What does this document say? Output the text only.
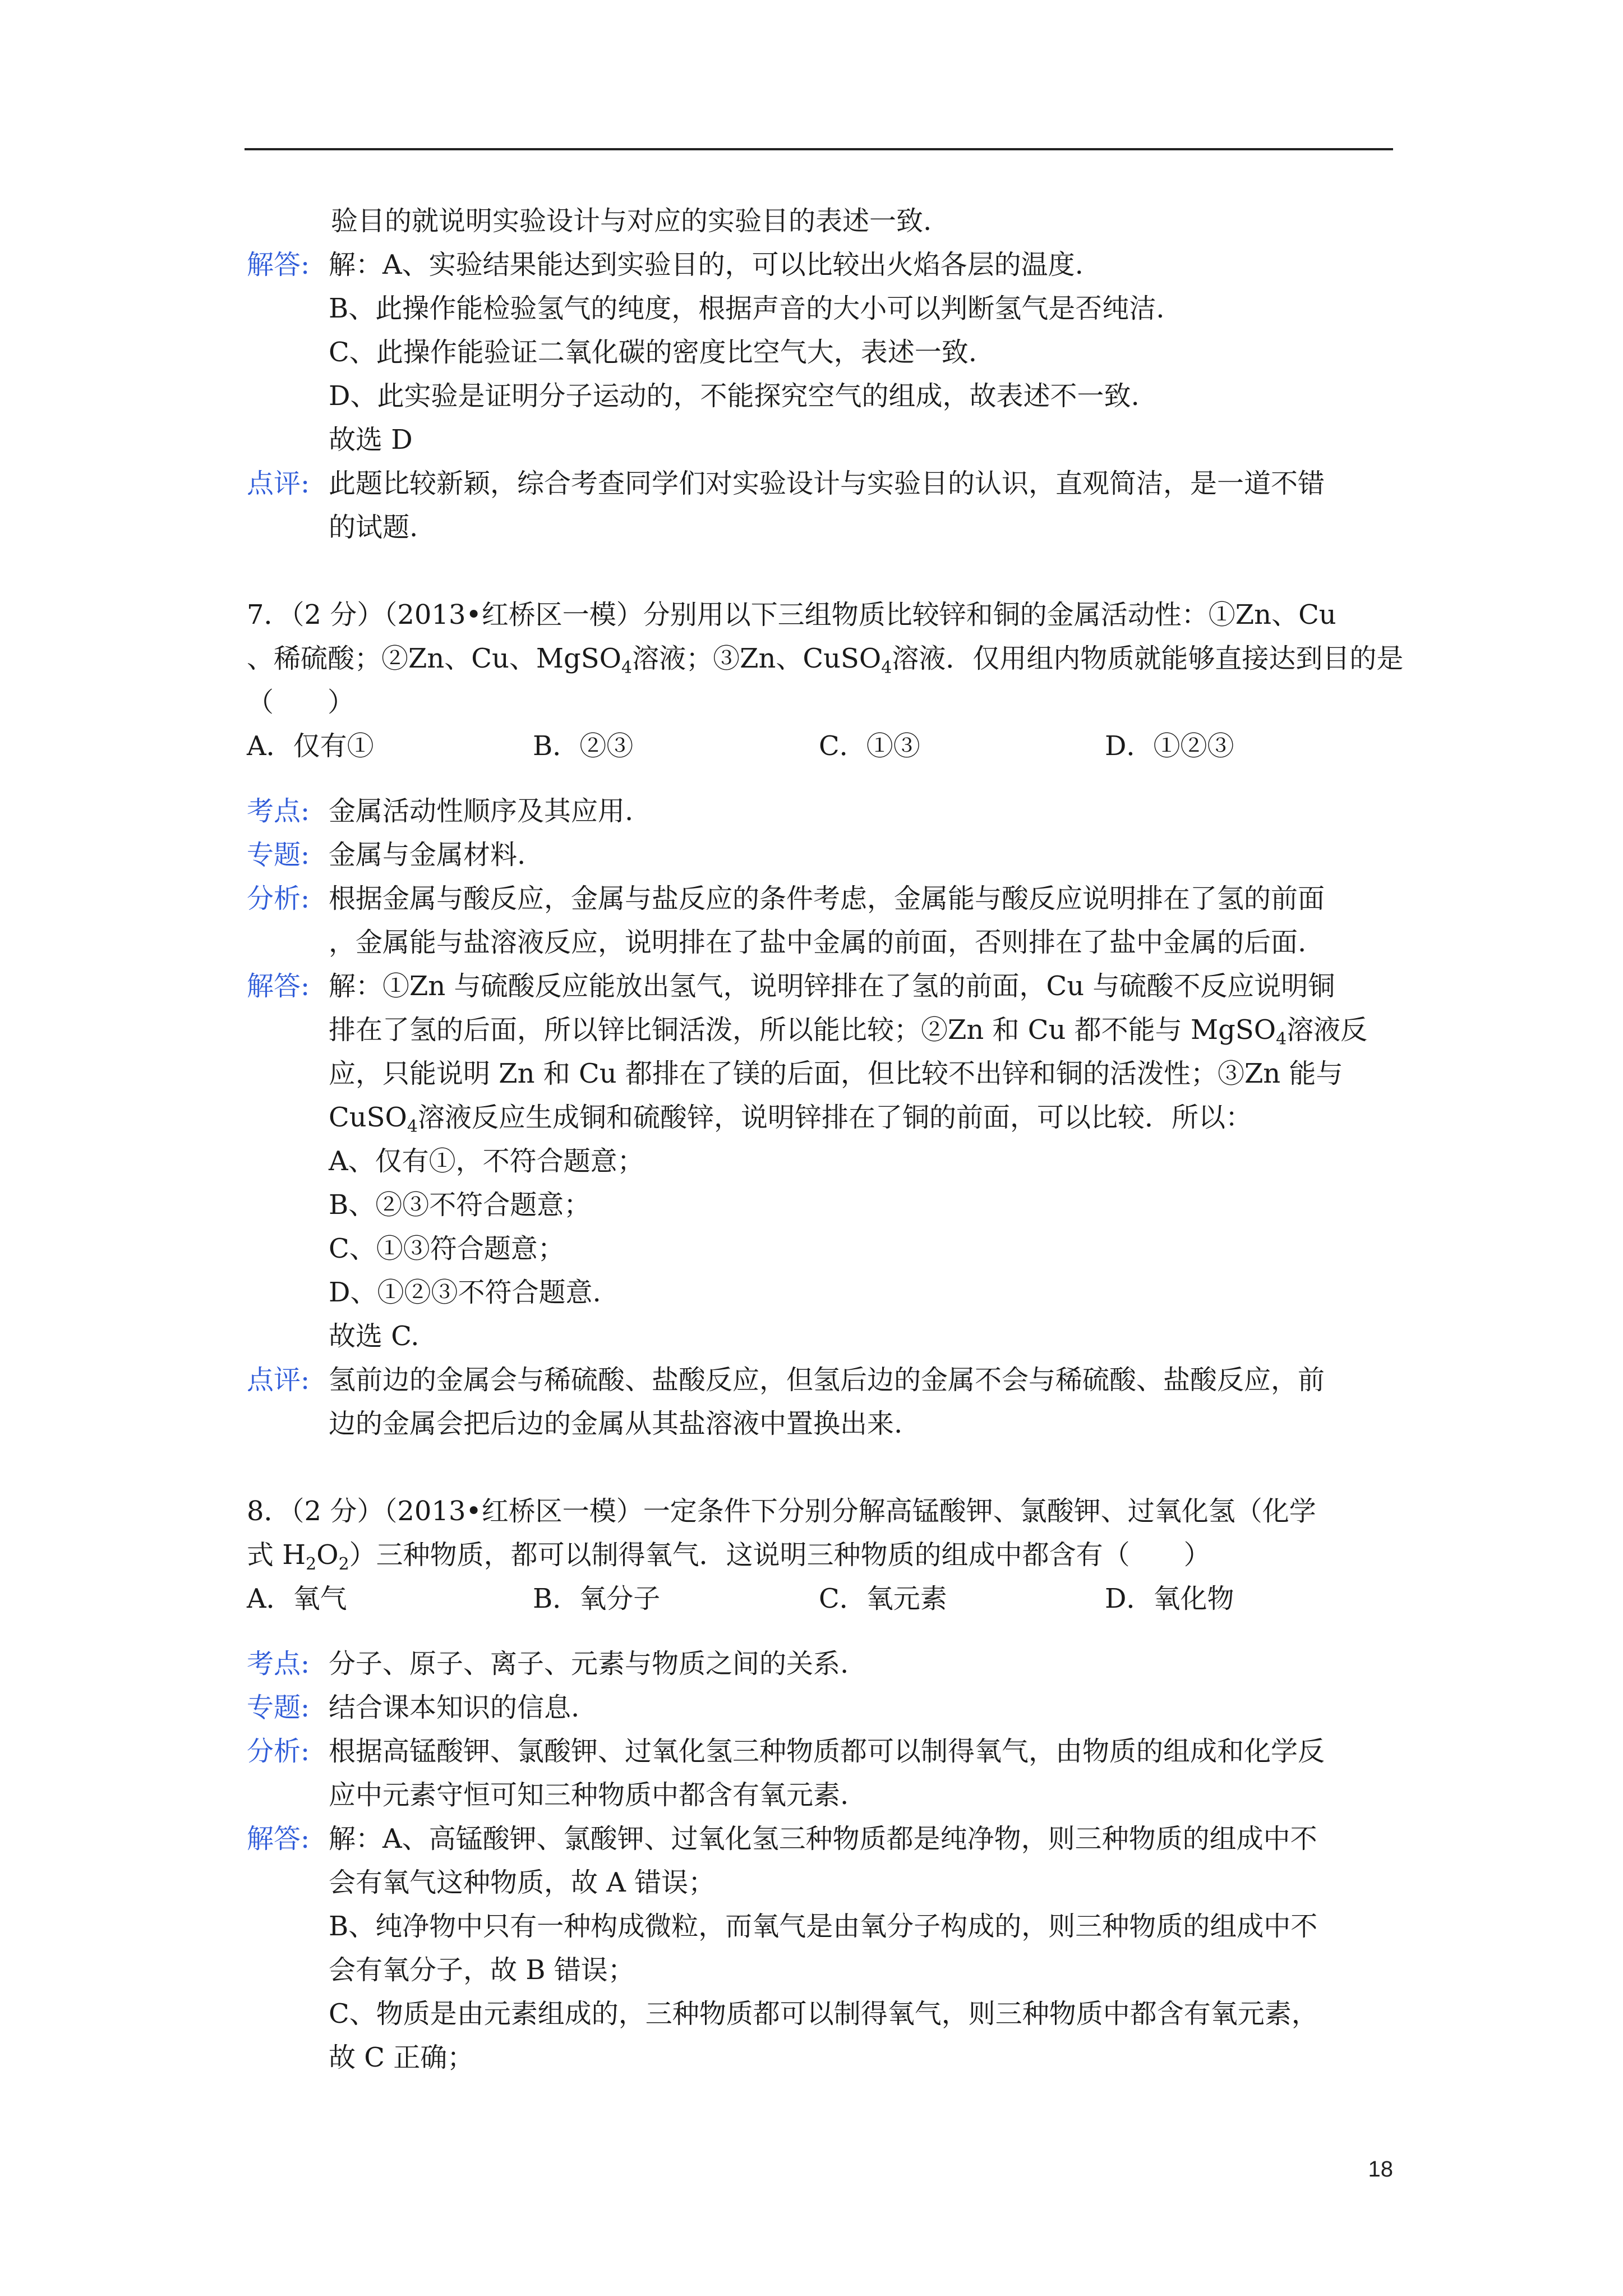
验目的就说明实验设计与对应的实验目的表述一致.
解答: 解：A、实验结果能达到实验目的，可以比较出火焰各层的温度.
B、此操作能检验氢气的纯度，根据声音的大小可以判断氢气是否纯洁.
C、此操作能验证二氧化碳的密度比空气大，表述一致.
D、此实验是证明分子运动的，不能探究空气的组成，故表述不一致.
故选 D
点评: 此题比较新颖，综合考查同学们对实验设计与实验目的认识，直观简洁，是一道不错
的试题.
7．（2 分）（2013•红桥区一模）分别用以下三组物质比较锌和铜的金属活动性：①Zn、Cu
、稀硫酸；②Zn、Cu、MgSO$_4$溶液；③Zn、CuSO$_4$溶液．仅用组内物质就能够直接达到目的是
（　　）
A．仅有①	B．②③	C．①③	D．①②③
考点: 金属活动性顺序及其应用.
专题: 金属与金属材料.
分析: 根据金属与酸反应，金属与盐反应的条件考虑，金属能与酸反应说明排在了氢的前面
，金属能与盐溶液反应，说明排在了盐中金属的前面，否则排在了盐中金属的后面.
解答: 解：①Zn 与硫酸反应能放出氢气，说明锌排在了氢的前面，Cu 与硫酸不反应说明铜
排在了氢的后面，所以锌比铜活泼，所以能比较；②Zn 和 Cu 都不能与 MgSO$_4$溶液反
应，只能说明 Zn 和 Cu 都排在了镁的后面，但比较不出锌和铜的活泼性；③Zn 能与
CuSO$_4$溶液反应生成铜和硫酸锌，说明锌排在了铜的前面，可以比较．所以：
A、仅有①，不符合题意；
B、②③不符合题意；
C、①③符合题意；
D、①②③不符合题意.
故选 C.
点评: 氢前边的金属会与稀硫酸、盐酸反应，但氢后边的金属不会与稀硫酸、盐酸反应，前
边的金属会把后边的金属从其盐溶液中置换出来.
8．（2 分）（2013•红桥区一模）一定条件下分别分解高锰酸钾、氯酸钾、过氧化氢（化学
式 $H_2O_2$）三种物质，都可以制得氧气．这说明三种物质的组成中都含有（　　）
A．氧气	B．氧分子	C．氧元素	D．氧化物
考点: 分子、原子、离子、元素与物质之间的关系.
专题: 结合课本知识的信息.
分析: 根据高锰酸钾、氯酸钾、过氧化氢三种物质都可以制得氧气，由物质的组成和化学反
应中元素守恒可知三种物质中都含有氧元素.
解答: 解：A、高锰酸钾、氯酸钾、过氧化氢三种物质都是纯净物，则三种物质的组成中不
会有氧气这种物质，故 A 错误；
B、纯净物中只有一种构成微粒，而氧气是由氧分子构成的，则三种物质的组成中不
会有氧分子，故 B 错误；
C、物质是由元素组成的，三种物质都可以制得氧气，则三种物质中都含有氧元素，
故 C 正确；
18
